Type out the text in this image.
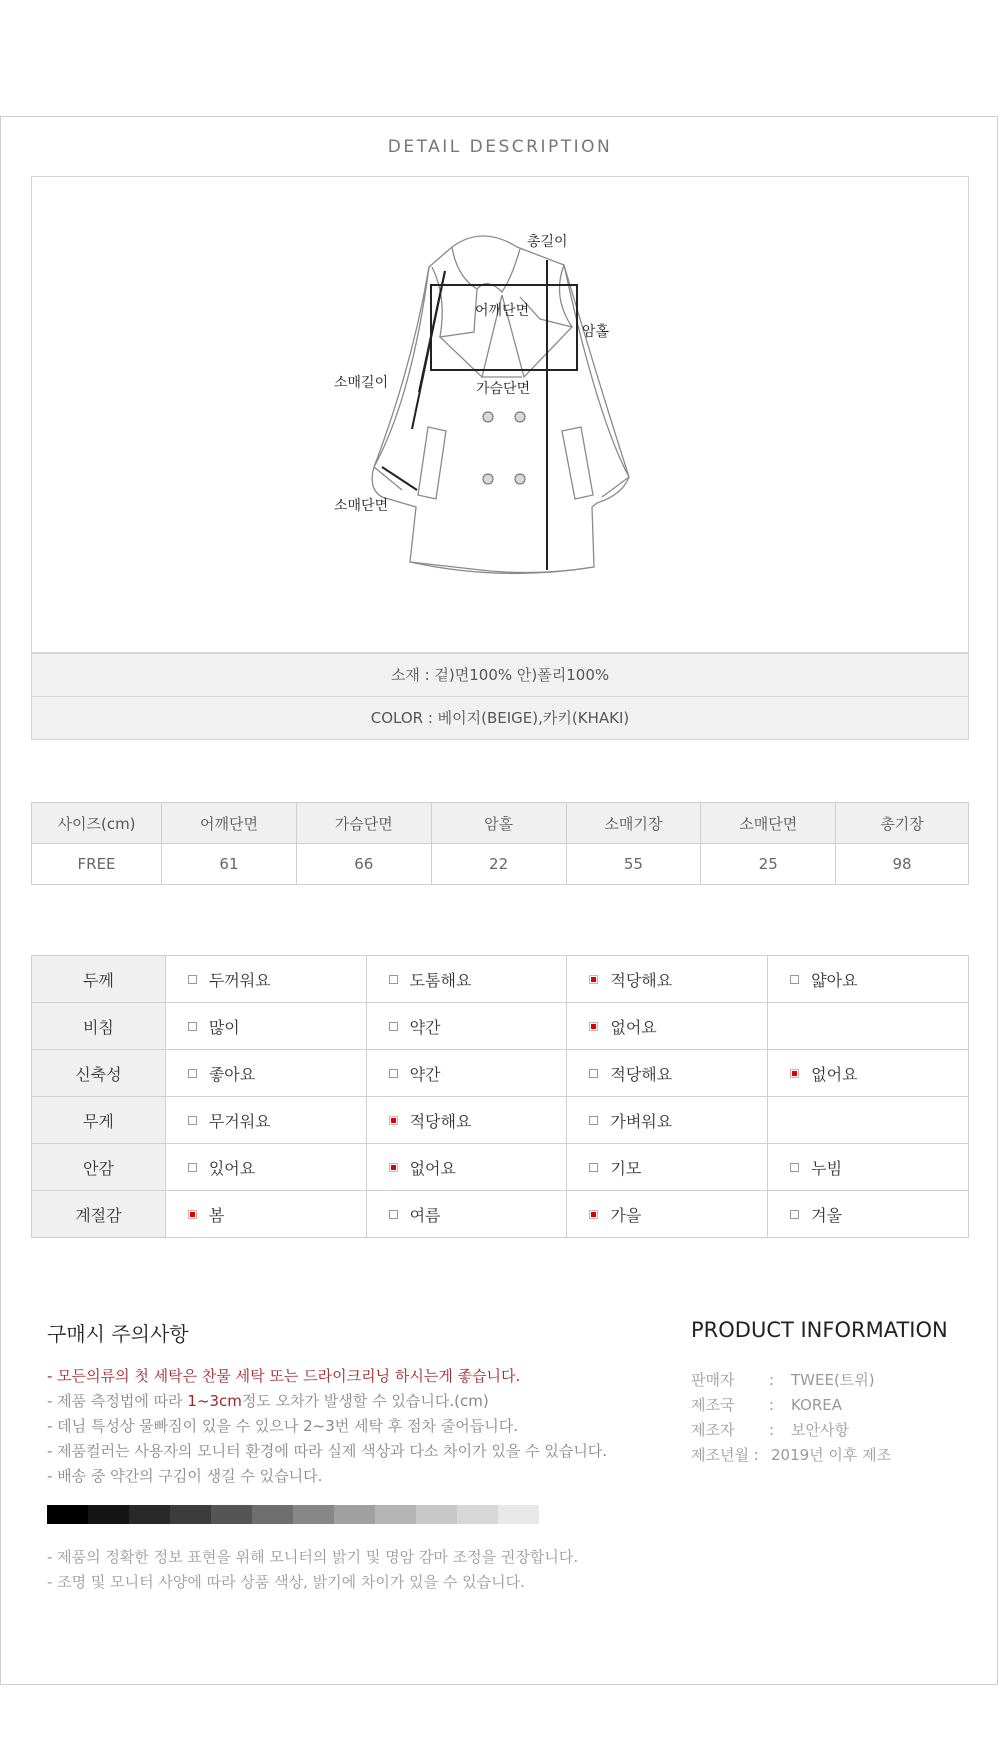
DETAIL DESCRIPTION
총길이
어깨단면
암홀
소매길이	가슴단면
소매단면
소재 : 겉)면100% 안)폴리100%
COLOR : 베이지(BEIGE),카키(KHAKI)
사이즈(cm)	어깨단면	가슴단면	암홀	소매기장	소매단면	총기장
FREE	61	66	22	55	25	98
두께	두꺼워요	도톰해요	적당해요	얇아요

비침	많이	약간	없어요	

신축성	좋아요	약간	적당해요	없어요

무게	무거워요	적당해요	가벼워요	

안감	있어요	없어요	기모	누빔

계절감	봄	여름	가을	겨울
구매시 주의사항	PRODUCT INFORMATION
- 모든의류의 첫 세탁은 찬물 세탁 또는 드라이크리닝 하시는게 좋습니다.
- 제품 측정법에 따라 1~3cm정도 오차가 발생할 수 있습니다.(cm)
- 데님 특성상 물빠짐이 있을 수 있으나 2~3번 세탁 후 점차 줄어듭니다.
- 제품컬러는 사용자의 모니터 환경에 따라 실제 색상과 다소 차이가 있을 수 있습니다.
- 배송 중 약간의 구김이 생길 수 있습니다.
판매자	:	TWEE(트위)
제조국	:	KOREA
제조자	:	보안사항
제조년월 : 2019년 이후 제조
- 제품의 정확한 정보 표현을 위해 모니터의 밝기 및 명암 감마 조정을 권장합니다.
- 조명 및 모니터 사양에 따라 상품 색상, 밝기에 차이가 있을 수 있습니다.
